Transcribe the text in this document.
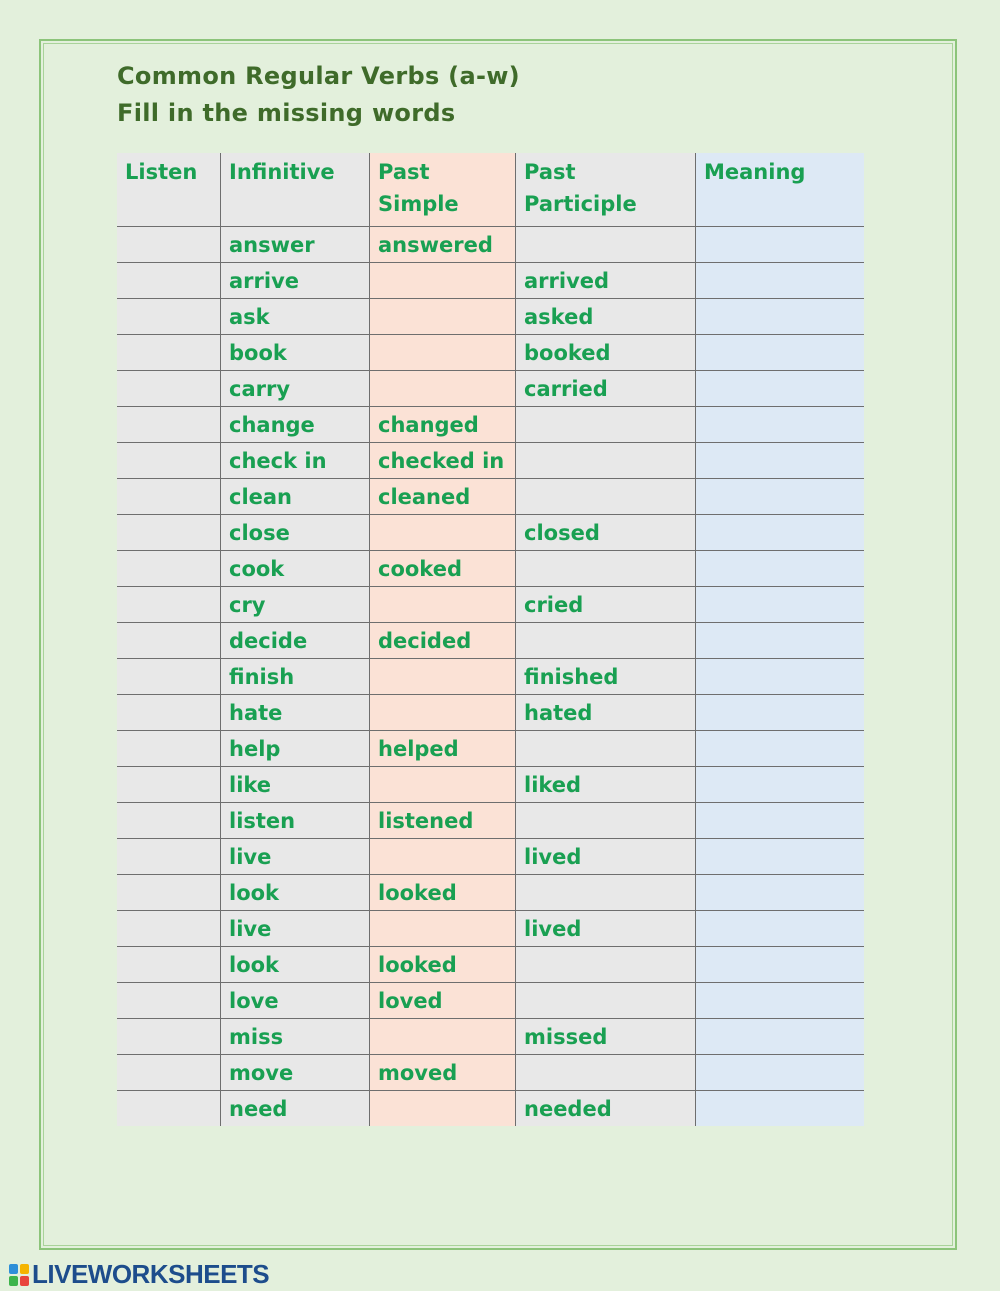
Common Regular Verbs (a-w)
Fill in the missing words
Listen	Infinitive	Past Simple	Past Participle	Meaning
	answer	answered		
	arrive		arrived	
	ask		asked	
	book		booked	
	carry		carried	
	change	changed		
	check in	checked in		
	clean	cleaned		
	close		closed	
	cook	cooked		
	cry		cried	
	decide	decided		
	finish		finished	
	hate		hated	
	help	helped		
	like		liked	
	listen	listened		
	live		lived	
	look	looked		
	live		lived	
	look	looked		
	love	loved		
	miss		missed	
	move	moved		
	need		needed	
LIVEWORKSHEETS
